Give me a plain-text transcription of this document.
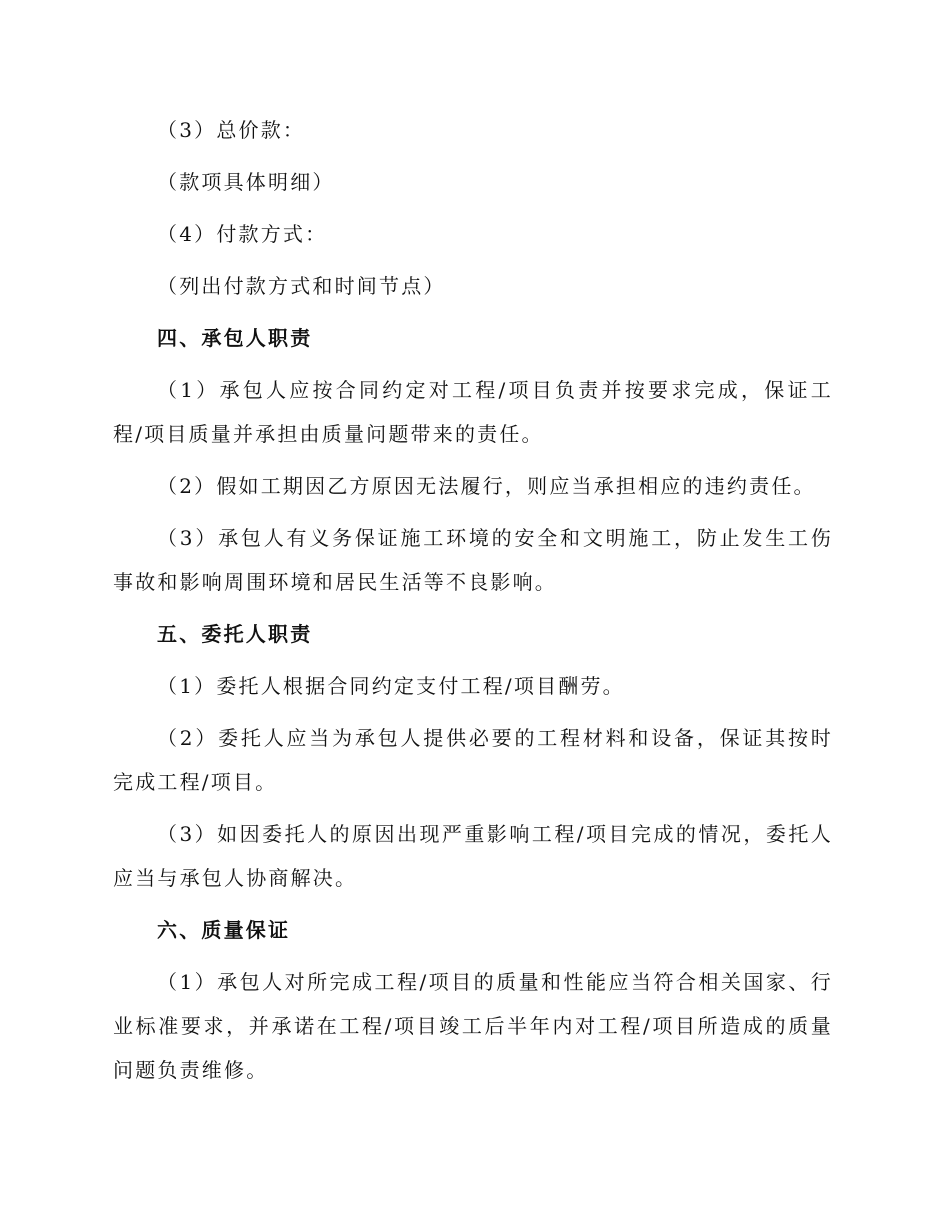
（3）总价款：

（款项具体明细）

（4）付款方式：

（列出付款方式和时间节点）

四、承包人职责

（1）承包人应按合同约定对工程/项目负责并按要求完成，保证工程/项目质量并承担由质量问题带来的责任。

（2）假如工期因乙方原因无法履行，则应当承担相应的违约责任。

（3）承包人有义务保证施工环境的安全和文明施工，防止发生工伤事故和影响周围环境和居民生活等不良影响。

五、委托人职责

（1）委托人根据合同约定支付工程/项目酬劳。

（2）委托人应当为承包人提供必要的工程材料和设备，保证其按时完成工程/项目。

（3）如因委托人的原因出现严重影响工程/项目完成的情况，委托人应当与承包人协商解决。

六、质量保证

（1）承包人对所完成工程/项目的质量和性能应当符合相关国家、行业标准要求，并承诺在工程/项目竣工后半年内对工程/项目所造成的质量问题负责维修。
